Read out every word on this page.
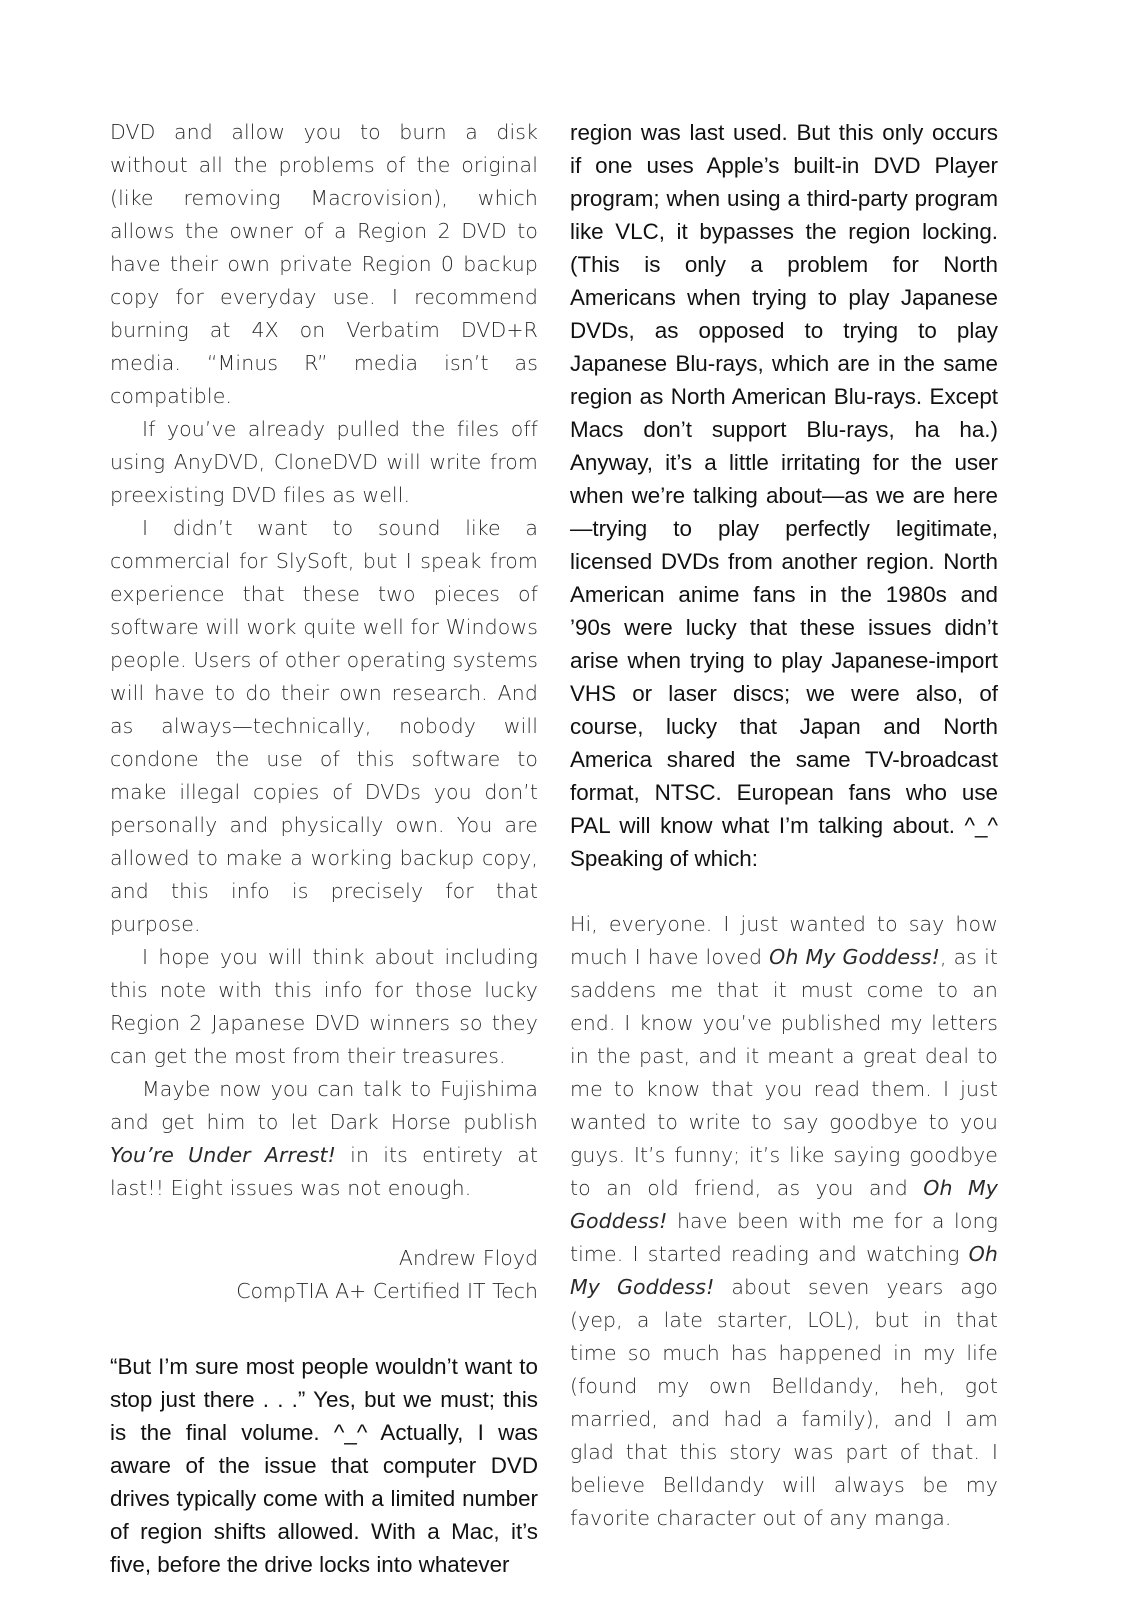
DVD and allow you to burn a disk without all the problems of the original (like removing Macrovision), which allows the owner of a Region 2 DVD to have their own private Region 0 backup copy for everyday use. I recommend burning at 4X on Verbatim DVD+R media. “Minus R” media isn’t as compatible.

If you’ve already pulled the files off using AnyDVD, CloneDVD will write from preexisting DVD files as well.

I didn’t want to sound like a commercial for SlySoft, but I speak from experience that these two pieces of software will work quite well for Windows people. Users of other operating systems will have to do their own research. And as always—technically, nobody will condone the use of this software to make illegal copies of DVDs you don’t personally and physically own. You are allowed to make a working backup copy, and this info is precisely for that purpose.

I hope you will think about including this note with this info for those lucky Region 2 Japanese DVD winners so they can get the most from their treasures.

Maybe now you can talk to Fujishima and get him to let Dark Horse publish You’re Under Arrest! in its entirety at last!! Eight issues was not enough.

Andrew Floyd
CompTIA A+ Certified IT Tech

“But I’m sure most people wouldn’t want to stop just there . . .” Yes, but we must; this is the final volume. ^_^ Actually, I was aware of the issue that computer DVD drives typically come with a limited number of region shifts allowed. With a Mac, it’s five, before the drive locks into whatever

region was last used. But this only occurs if one uses Apple’s built-in DVD Player program; when using a third-party program like VLC, it bypasses the region locking. (This is only a problem for North Americans when trying to play Japanese DVDs, as opposed to trying to play Japanese Blu-rays, which are in the same region as North American Blu-rays. Except Macs don’t support Blu-rays, ha ha.) Anyway, it’s a little irritating for the user when we’re talking about—as we are here—trying to play perfectly legitimate, licensed DVDs from another region. North American anime fans in the 1980s and ’90s were lucky that these issues didn’t arise when trying to play Japanese-import VHS or laser discs; we were also, of course, lucky that Japan and North America shared the same TV-broadcast format, NTSC. European fans who use PAL will know what I’m talking about. ^_^ Speaking of which:

Hi, everyone. I just wanted to say how much I have loved Oh My Goddess!, as it saddens me that it must come to an end. I know you’ve published my letters in the past, and it meant a great deal to me to know that you read them. I just wanted to write to say goodbye to you guys. It’s funny; it’s like saying goodbye to an old friend, as you and Oh My Goddess! have been with me for a long time. I started reading and watching Oh My Goddess! about seven years ago (yep, a late starter, LOL), but in that time so much has happened in my life (found my own Belldandy, heh, got married, and had a family), and I am glad that this story was part of that. I believe Belldandy will always be my favorite character out of any manga.
